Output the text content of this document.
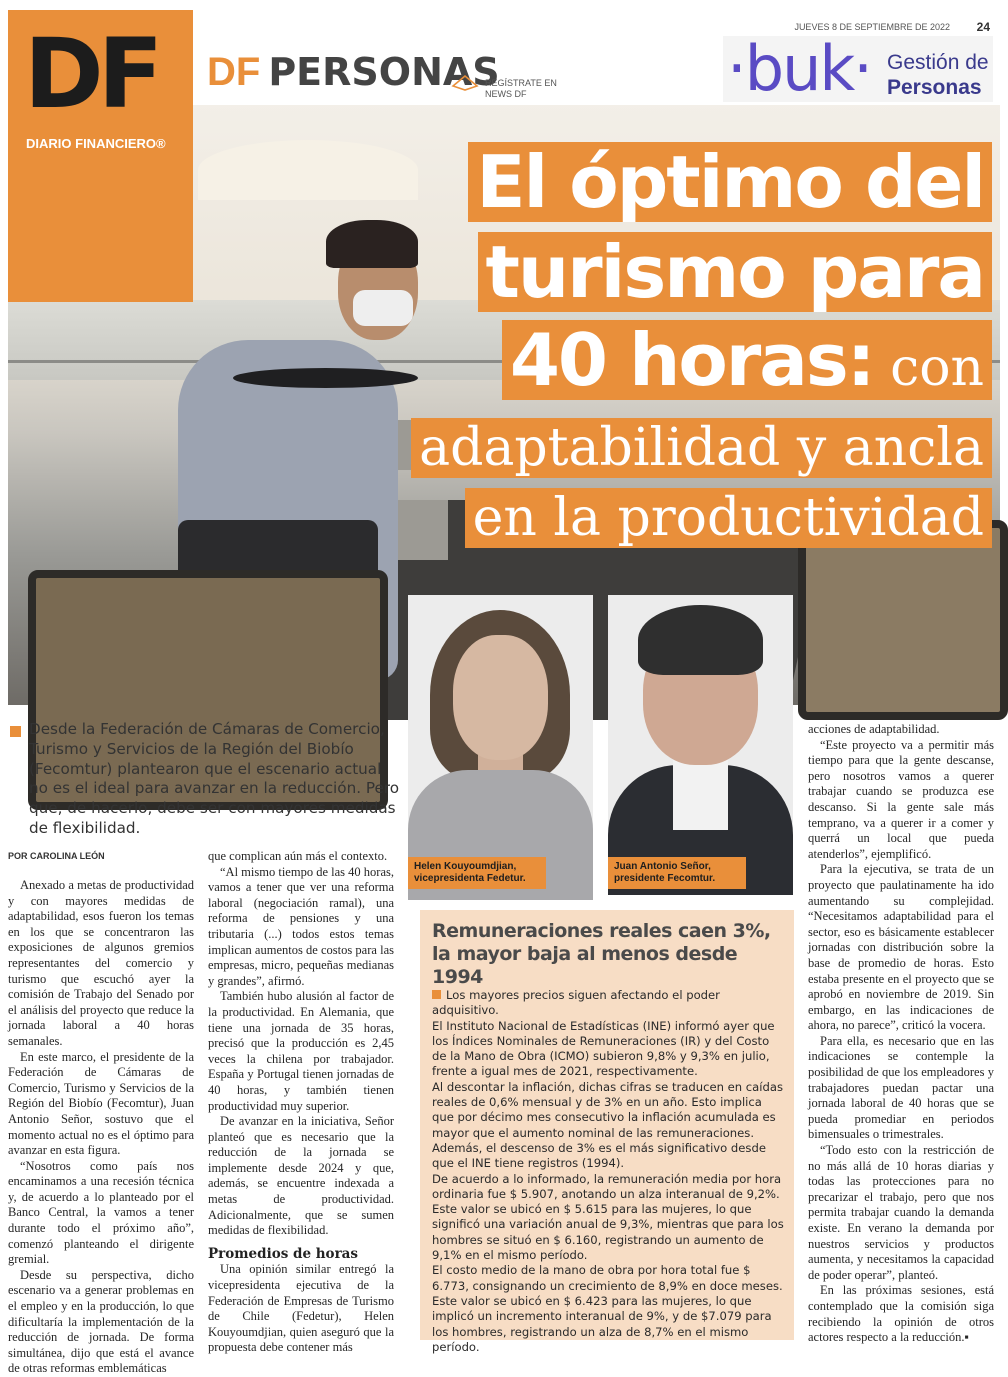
DF
DIARIO FINANCIERO®
DF PERSONAS
REGÍSTRATE EN
NEWS DF
JUEVES 8 DE SEPTIEMBRE DE 2022 24
·buk· Gestión de
Personas
El óptimo del
turismo para
40 horas: con
adaptabilidad y ancla
en la productividad
Helen Kouyoumdjian,
vicepresidenta Fedetur.
Juan Antonio Señor,
presidente Fecomtur.
Desde la Federación de Cámaras de Comercio, Turismo y Servicios de la Región del Biobío (Fecomtur) plantearon que el escenario actual no es el ideal para avanzar en la reducción. Pero que, de hacerlo, debe ser con mayores medidas de flexibilidad.
POR CAROLINA LEÓN

Anexado a metas de productividad y con mayores medidas de adaptabilidad, esos fueron los temas en los que se concentraron las exposiciones de algunos gremios representantes del comercio y turismo que escuchó ayer la comisión de Trabajo del Senado por el análisis del proyecto que reduce la jornada laboral a 40 horas semanales.

En este marco, el presidente de la Federación de Cámaras de Comercio, Turismo y Servicios de la Región del Biobío (Fecomtur), Juan Antonio Señor, sostuvo que el momento actual no es el óptimo para avanzar en esta figura.

“Nosotros como país nos encaminamos a una recesión técnica y, de acuerdo a lo planteado por el Banco Central, la vamos a tener durante todo el próximo año”, comenzó planteando el dirigente gremial.

Desde su perspectiva, dicho escenario va a generar problemas en el empleo y en la producción, lo que dificultaría la implementación de la reducción de jornada. De forma simultánea, dijo que está el avance de otras reformas emblemáticas

que complican aún más el contexto.

“Al mismo tiempo de las 40 horas, vamos a tener que ver una reforma laboral (negociación ramal), una reforma de pensiones y una tributaria (...) todos estos temas implican aumentos de costos para las empresas, micro, pequeñas medianas y grandes”, afirmó.

También hubo alusión al factor de la productividad. En Alemania, que tiene una jornada de 35 horas, precisó que la producción es 2,45 veces la chilena por trabajador. España y Portugal tienen jornadas de 40 horas, y también tienen productividad muy superior.

De avanzar en la iniciativa, Señor planteó que es necesario que la reducción de la jornada se implemente desde 2024 y que, además, se encuentre indexada a metas de productividad. Adicionalmente, que se sumen medidas de flexibilidad.

Promedios de horas

Una opinión similar entregó la vicepresidenta ejecutiva de la Federación de Empresas de Turismo de Chile (Fedetur), Helen Kouyoumdjian, quien aseguró que la propuesta debe contener más

acciones de adaptabilidad.

“Este proyecto va a permitir más tiempo para que la gente descanse, pero nosotros vamos a querer trabajar cuando se produzca ese descanso. Si la gente sale más temprano, va a querer ir a comer y querrá un local que pueda atenderlos”, ejemplificó.

Para la ejecutiva, se trata de un proyecto que paulatinamente ha ido aumentando su complejidad. “Necesitamos adaptabilidad para el sector, eso es básicamente establecer jornadas con distribución sobre la base de promedio de horas. Esto estaba presente en el proyecto que se aprobó en noviembre de 2019. Sin embargo, en las indicaciones de ahora, no parece”, criticó la vocera.

Para ella, es necesario que en las indicaciones se contemple la posibilidad de que los empleadores y trabajadores puedan pactar una jornada laboral de 40 horas que se pueda promediar en periodos bimensuales o trimestrales.

“Todo esto con la restricción de no más allá de 10 horas diarias y todas las protecciones para no precarizar el trabajo, pero que nos permita trabajar cuando la demanda existe. En verano la demanda por nuestros servicios y productos aumenta, y necesitamos la capacidad de poder operar”, planteó.

En las próximas sesiones, está contemplado que la comisión siga recibiendo la opinión de otros actores respecto a la reducción.▪

Remuneraciones reales caen 3%, la mayor baja al menos desde 1994
Los mayores precios siguen afectando el poder adquisitivo.
El Instituto Nacional de Estadísticas (INE) informó ayer que los Índices Nominales de Remuneraciones (IR) y del Costo de la Mano de Obra (ICMO) subieron 9,8% y 9,3% en julio, frente a igual mes de 2021, respectivamente.
Al descontar la inflación, dichas cifras se traducen en caídas reales de 0,6% mensual y de 3% en un año. Esto implica que por décimo mes consecutivo la inflación acumulada es mayor que el aumento nominal de las remuneraciones.
Además, el descenso de 3% es el más significativo desde que el INE tiene registros (1994).
De acuerdo a lo informado, la remuneración media por hora ordinaria fue $ 5.907, anotando un alza interanual de 9,2%. Este valor se ubicó en $ 5.615 para las mujeres, lo que significó una variación anual de 9,3%, mientras que para los hombres se situó en $ 6.160, registrando un aumento de 9,1% en el mismo período.
El costo medio de la mano de obra por hora total fue $ 6.773, consignando un crecimiento de 8,9% en doce meses. Este valor se ubicó en $ 6.423 para las mujeres, lo que implicó un incremento interanual de 9%, y de $7.079 para los hombres, registrando un alza de 8,7% en el mismo período.
